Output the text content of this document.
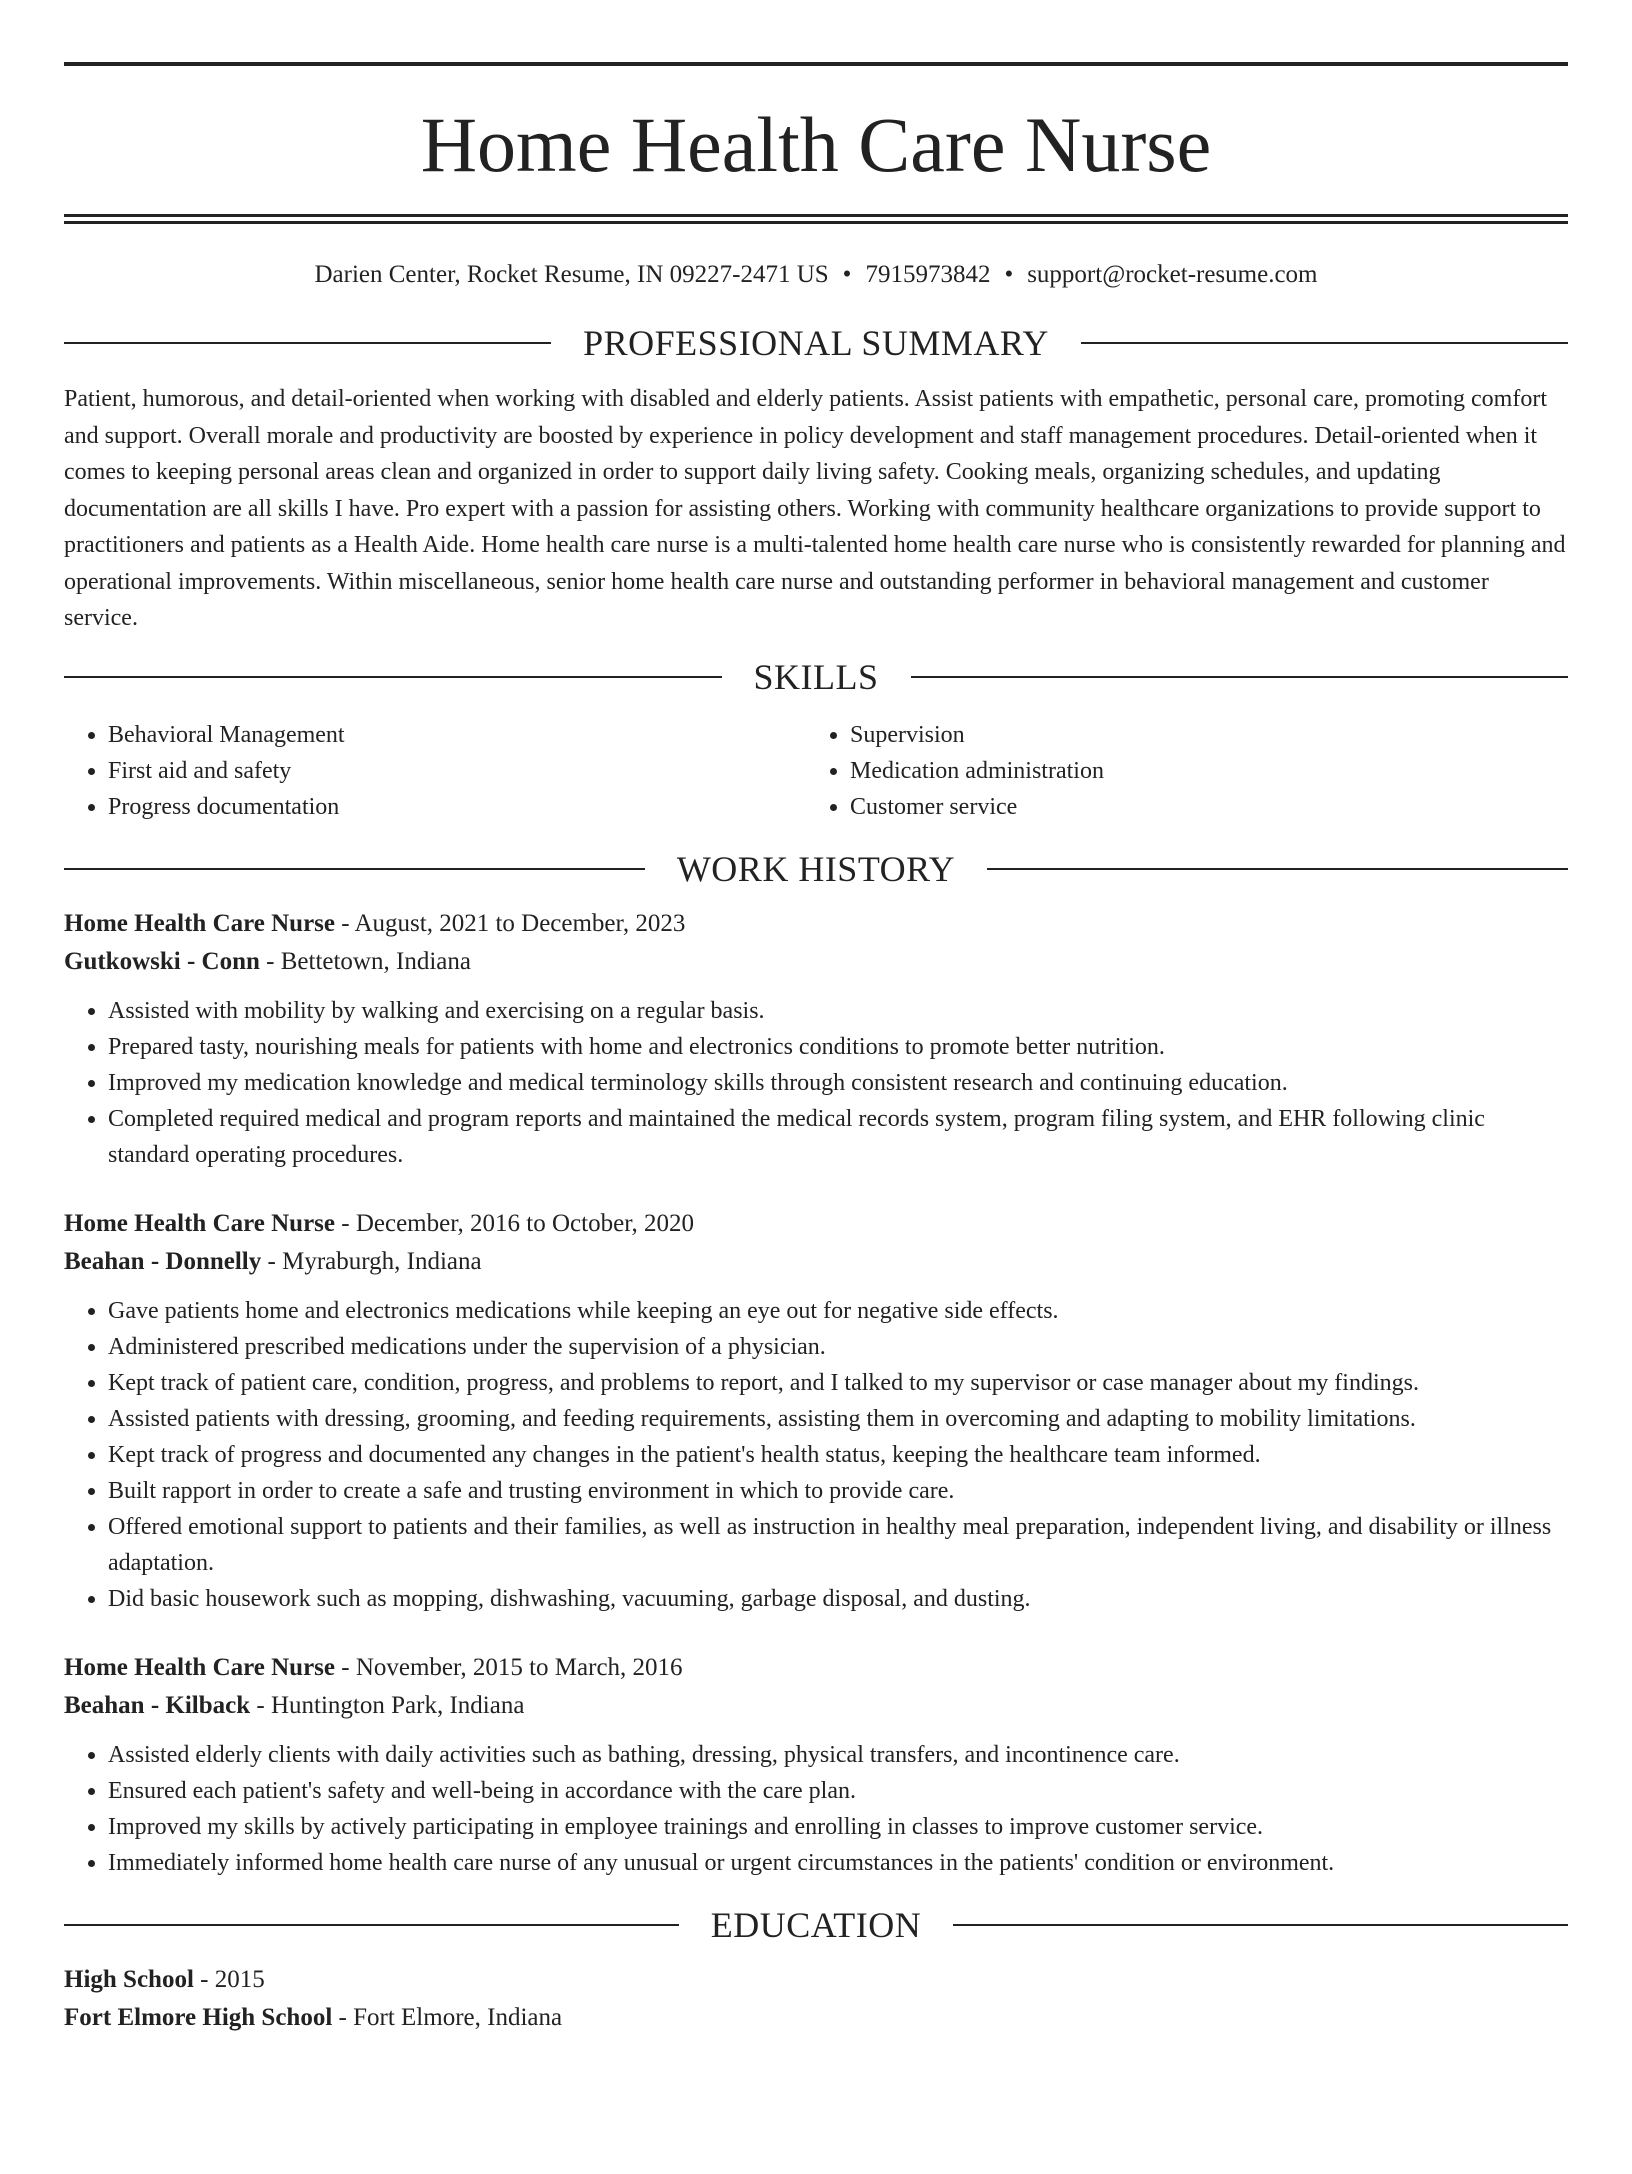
Home Health Care Nurse
Darien Center, Rocket Resume, IN 09227-2471 US • 7915973842 • support@rocket-resume.com
PROFESSIONAL SUMMARY

Patient, humorous, and detail-oriented when working with disabled and elderly patients. Assist patients with empathetic, personal care, promoting comfort and support. Overall morale and productivity are boosted by experience in policy development and staff management procedures. Detail-oriented when it comes to keeping personal areas clean and organized in order to support daily living safety. Cooking meals, organizing schedules, and updating documentation are all skills I have. Pro expert with a passion for assisting others. Working with community healthcare organizations to provide support to practitioners and patients as a Health Aide. Home health care nurse is a multi-talented home health care nurse who is consistently rewarded for planning and operational improvements. Within miscellaneous, senior home health care nurse and outstanding performer in behavioral management and customer service.

SKILLS
• Behavioral Management
• First aid and safety
• Progress documentation
• Supervision
• Medication administration
• Customer service
WORK HISTORY
Home Health Care Nurse - August, 2021 to December, 2023
Gutkowski - Conn - Bettetown, Indiana
• Assisted with mobility by walking and exercising on a regular basis.
• Prepared tasty, nourishing meals for patients with home and electronics conditions to promote better nutrition.
• Improved my medication knowledge and medical terminology skills through consistent research and continuing education.
• Completed required medical and program reports and maintained the medical records system, program filing system, and EHR following clinic standard operating procedures.
Home Health Care Nurse - December, 2016 to October, 2020
Beahan - Donnelly - Myraburgh, Indiana
• Gave patients home and electronics medications while keeping an eye out for negative side effects.
• Administered prescribed medications under the supervision of a physician.
• Kept track of patient care, condition, progress, and problems to report, and I talked to my supervisor or case manager about my findings.
• Assisted patients with dressing, grooming, and feeding requirements, assisting them in overcoming and adapting to mobility limitations.
• Kept track of progress and documented any changes in the patient's health status, keeping the healthcare team informed.
• Built rapport in order to create a safe and trusting environment in which to provide care.
• Offered emotional support to patients and their families, as well as instruction in healthy meal preparation, independent living, and disability or illness adaptation.
• Did basic housework such as mopping, dishwashing, vacuuming, garbage disposal, and dusting.
Home Health Care Nurse - November, 2015 to March, 2016
Beahan - Kilback - Huntington Park, Indiana
• Assisted elderly clients with daily activities such as bathing, dressing, physical transfers, and incontinence care.
• Ensured each patient's safety and well-being in accordance with the care plan.
• Improved my skills by actively participating in employee trainings and enrolling in classes to improve customer service.
• Immediately informed home health care nurse of any unusual or urgent circumstances in the patients' condition or environment.
EDUCATION
High School - 2015
Fort Elmore High School - Fort Elmore, Indiana
